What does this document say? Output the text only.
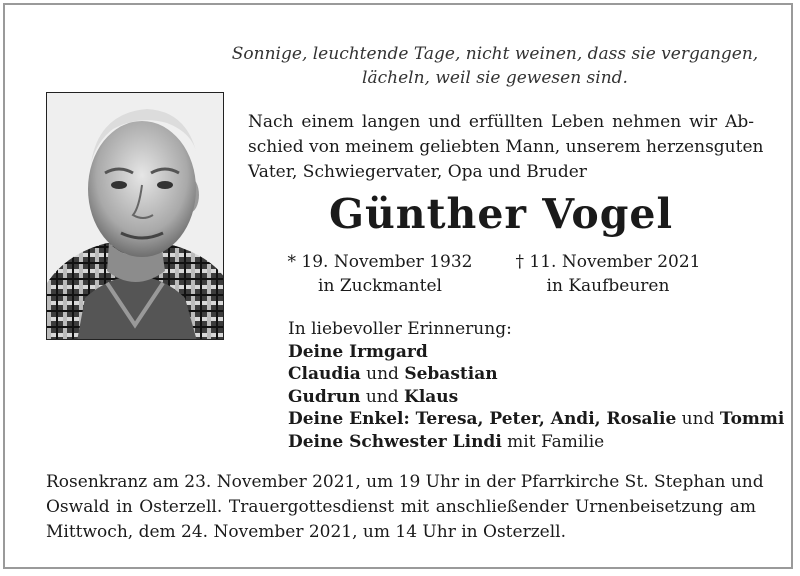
Sonnige, leuchtende Tage, nicht weinen, dass sie vergangen,
lächeln, weil sie gewesen sind.
Nach einem langen und erfüllten Leben nehmen wir Ab-
schied von meinem geliebten Mann, unserem herzensguten
Vater, Schwiegervater, Opa und Bruder
Günther Vogel
* 19. November 1932
in Zuckmantel
† 11. November 2021
in Kaufbeuren
In liebevoller Erinnerung:
Deine Irmgard
Claudia und Sebastian
Gudrun und Klaus
Deine Enkel: Teresa, Peter, Andi, Rosalie und Tommi
Deine Schwester Lindi mit Familie
Rosenkranz am 23. November 2021, um 19 Uhr in der Pfarrkirche St. Stephan und
Oswald in Osterzell. Trauergottesdienst mit anschließender Urnenbeisetzung am
Mittwoch, dem 24. November 2021, um 14 Uhr in Osterzell.
